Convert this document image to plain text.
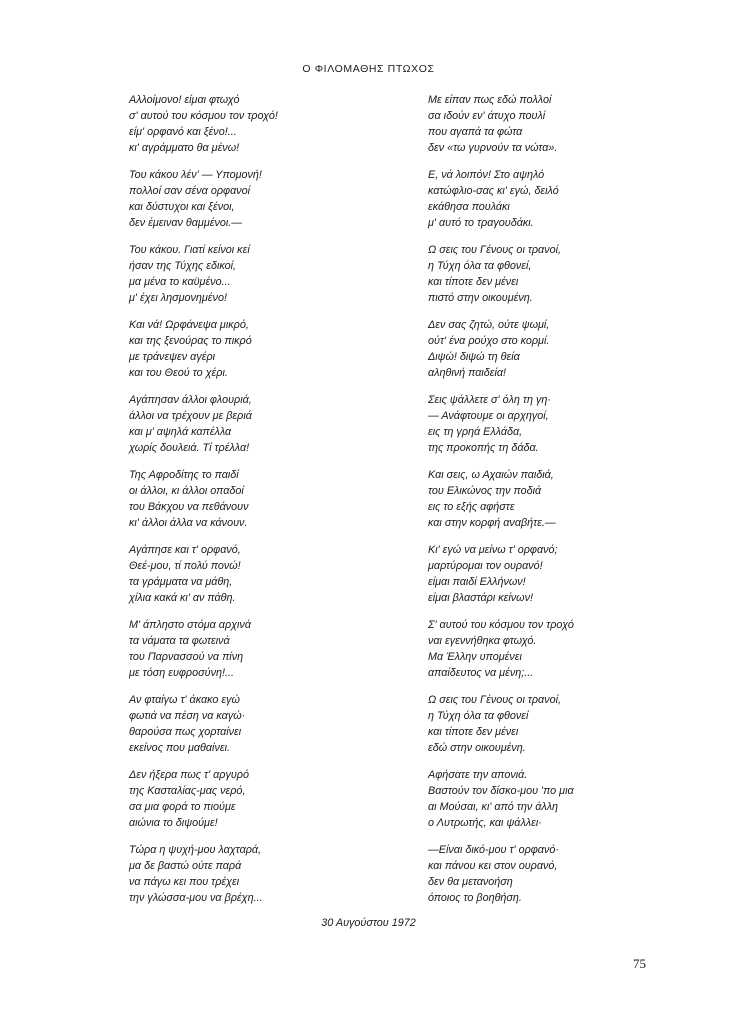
Ο ΦΙΛΟΜΑΘΗΣ ΠΤΩΧΟΣ
Αλλοίμονο! είμαι φτωχό
σ' αυτού του κόσμου τον τροχό!
είμ' ορφανό και ξένο!...
κι' αγράμματο θα μένω!
Του κάκου λέν' — Υπομονή!
πολλοί σαν σένα ορφανοί
και δύστυχοι και ξένοι,
δεν έμειναν θαμμένοι.—
Του κάκου. Γιατί κείνοι κεί
ήσαν της Τύχης εδικοί,
μα μένα το καϋμένο...
μ' έχει λησμονημένο!
Και νά! Ωρφάνεψα μικρό,
και της ξενούρας το πικρό
με τράνεψεν αγέρι
και του Θεού το χέρι.
Αγάπησαν άλλοι φλουριά,
άλλοι να τρέχουν με βεριά
και μ' αψηλά καπέλλα
χωρίς δουλειά. Τί τρέλλα!
Της Αφροδίτης το παιδί
οι άλλοι, κι άλλοι οπαδοί
του Βάκχου να πεθάνουν
κι' άλλοι άλλα να κάνουν.
Αγάπησε και τ' ορφανό,
Θεέ-μου, τί πολύ πονώ!
τα γράμματα να μάθη,
χίλια κακά κι' αν πάθη.
Μ' άπληστο στόμα αρχινά
τα νάματα τα φωτεινά
του Παρνασσού να πίνη
με τόση ευφροσύνη!...
Αν φταίγω τ' άκακο εγώ
φωτιά να πέση να καγώ·
θαρούσα πως χορταίνει
εκείνος που μαθαίνει.
Δεν ήξερα πως τ' αργυρό
της Κασταλίας-μας νερό,
σα μια φορά το πιούμε
αιώνια το διψούμε!
Τώρα η ψυχή-μου λαχταρά,
μα δε βαστώ ούτε παρά
να πάγω κει που τρέχει
την γλώσσα-μου να βρέχη...
Με είπαν πως εδώ πολλοί
σα ιδούν εν' άτυχο πουλί
που αγαπά τα φώτα
δεν «τω γυρνούν τα νώτα».
Ε, νά λοιπόν! Στο αψηλό
κατώφλιο-σας κι' εγώ, δειλό
εκάθησα πουλάκι
μ' αυτό το τραγουδάκι.
Ω σεις του Γένους οι τρανοί,
η Τύχη όλα τα φθονεί,
και τίποτε δεν μένει
πιστό στην οικουμένη.
Δεν σας ζητώ, ούτε ψωμί,
ούτ' ένα ρούχο στο κορμί.
Διψώ! διψώ τη θεία
αληθινή παιδεία!
Σεις ψάλλετε σ' όλη τη γη·
— Ανάφτουμε οι αρχηγοί,
εις τη γρηά Ελλάδα,
της προκοπής τη δάδα.
Και σεις, ω Αχαιών παιδιά,
του Ελικώνος την ποδιά
εις το εξής αφήστε
και στην κορφή αναβήτε.—
Κι' εγώ να μείνω τ' ορφανό;
μαρτύρομαι τον ουρανό!
είμαι παιδί Ελλήνων!
είμαι βλαστάρι κείνων!
Σ' αυτού του κόσμου τον τροχό
ναι εγεννήθηκα φτωχό.
Μα Έλλην υπομένει
απαίδευτος να μένη;...
Ω σεις του Γένους οι τρανοί,
η Τύχη όλα τα φθονεί
και τίποτε δεν μένει
εδώ στην οικουμένη.
Αφήσατε την απονιά.
Βαστούν τον δίσκο-μου 'πο μια
αι Μούσαι, κι' από την άλλη
ο Λυτρωτής, και ψάλλει·
—Είναι δικό-μου τ' ορφανό·
και πάνου κει στον ουρανό,
δεν θα μετανοήση
όποιος το βοηθήση.
30 Αυγούστου 1972
75
